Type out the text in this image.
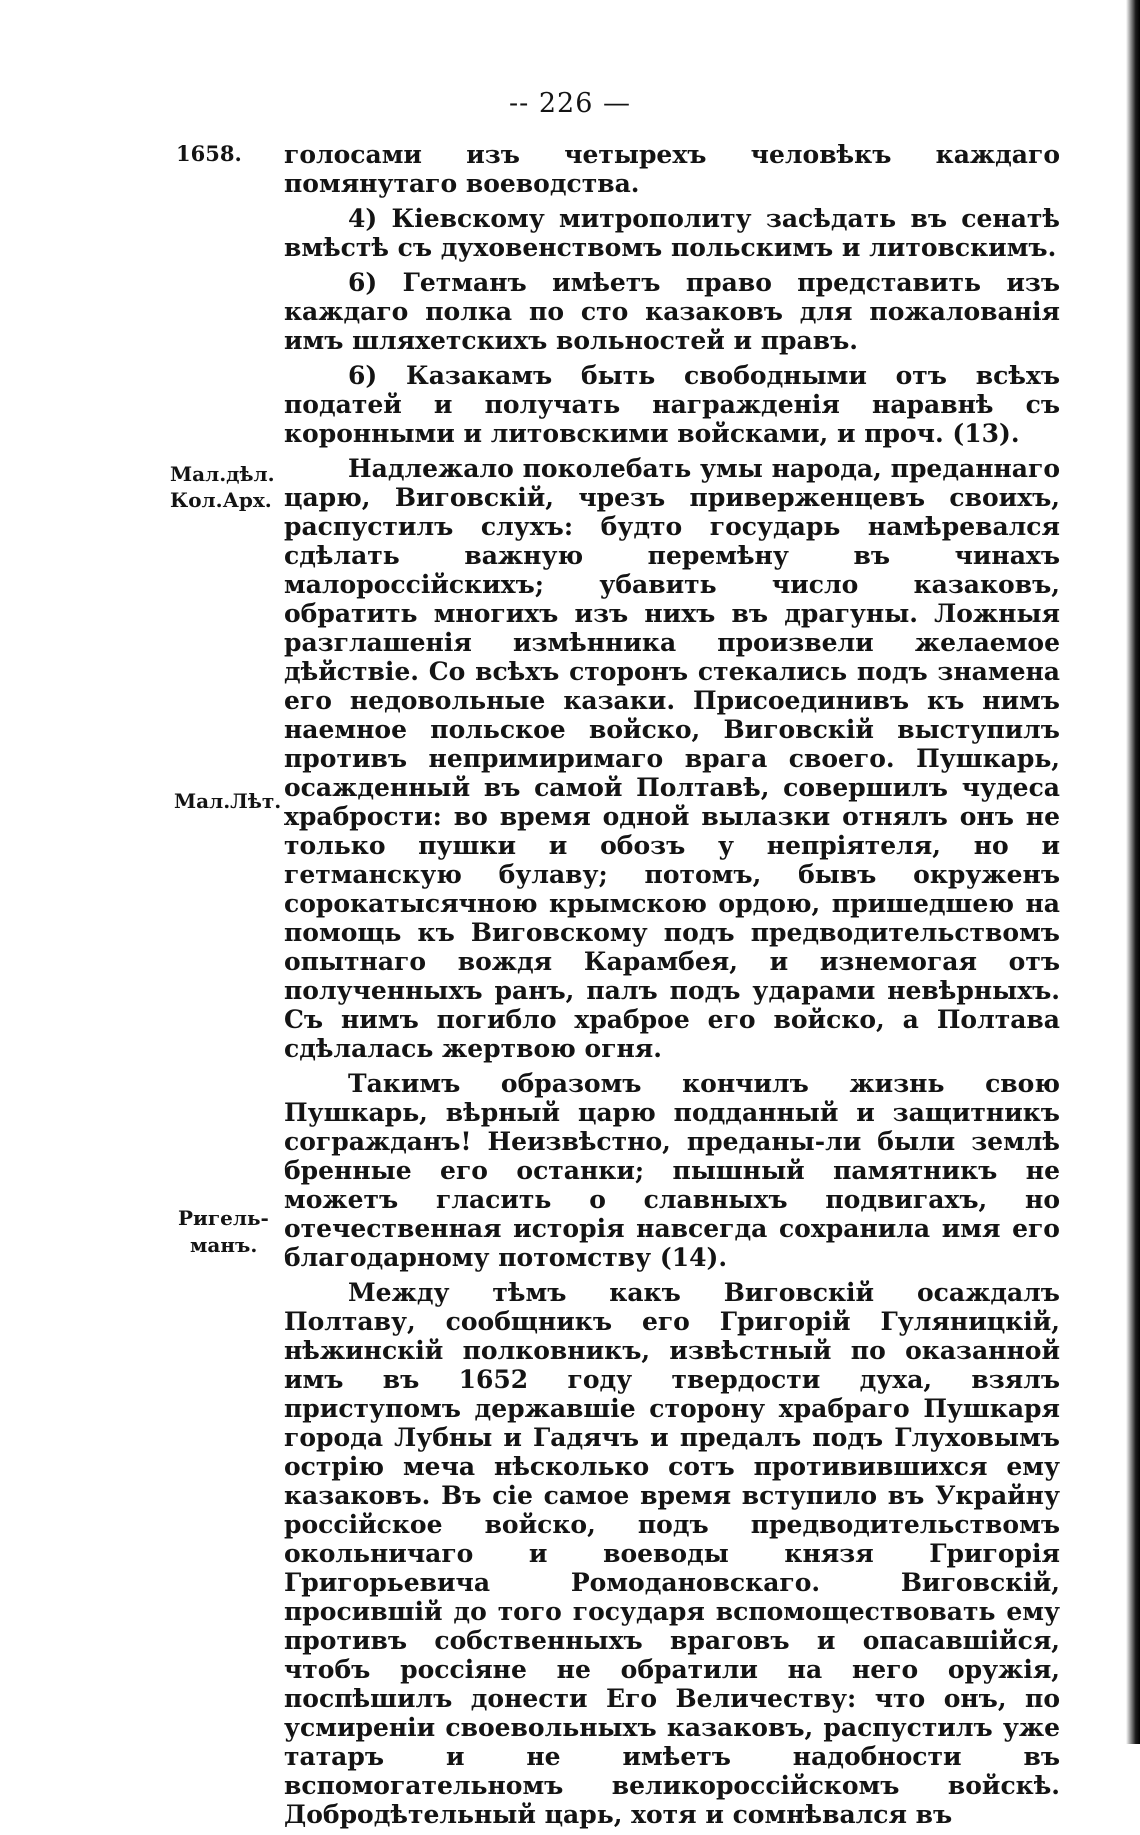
-- 226 —
1658.
Мал.дѣл.
Кол.Арх.
Мал.Лѣт.
Ригель-
манъ.

голосами изъ четырехъ человѣкъ каждаго помянутаго воеводства.

4) Кіевскому митрополиту засѣдать въ сенатѣ вмѣстѣ съ духовенствомъ польскимъ и литовскимъ.

6) Гетманъ имѣетъ право представить изъ каждаго полка по сто казаковъ для пожалованія имъ шляхетскихъ вольностей и правъ.

6) Казакамъ быть свободными отъ всѣхъ податей и получать награжденія наравнѣ съ коронными и литовскими войсками, и проч. (13).

Надлежало поколебать умы народа, преданнаго царю, Виговскій, чрезъ приверженцевъ своихъ, распустилъ слухъ: будто государь намѣревался сдѣлать важную перемѣну въ чинахъ малороссійскихъ; убавить число казаковъ, обратить многихъ изъ нихъ въ драгуны. Ложныя разглашенія измѣнника произвели желаемое дѣйствіе. Со всѣхъ сторонъ стекались подъ знамена его недовольные казаки. Присоединивъ къ нимъ наемное польское войско, Виговскій выступилъ противъ непримиримаго врага своего. Пушкарь, осажденный въ самой Полтавѣ, совершилъ чудеса храбрости: во время одной вылазки отнялъ онъ не только пушки и обозъ у непріятеля, но и гетманскую булаву; потомъ, бывъ окруженъ сорокатысячною крымскою ордою, пришедшею на помощь къ Виговскому подъ предводительствомъ опытнаго вождя Карамбея, и изнемогая отъ полученныхъ ранъ, палъ подъ ударами невѣрныхъ. Съ нимъ погибло храброе его войско, а Полтава сдѣлалась жертвою огня.

Такимъ образомъ кончилъ жизнь свою Пушкарь, вѣрный царю подданный и защитникъ согражданъ! Неизвѣстно, преданы-ли были землѣ бренные его останки; пышный памятникъ не можетъ гласить о славныхъ подвигахъ, но отечественная исторія навсегда сохранила имя его благодарному потомству (14).

Между тѣмъ какъ Виговскій осаждалъ Полтаву, сообщникъ его Григорій Гуляницкій, нѣжинскій полковникъ, извѣстный по оказанной имъ въ 1652 году твердости духа, взялъ приступомъ державшіе сторону храбраго Пушкаря города Лубны и Гадячъ и предалъ подъ Глуховымъ острію меча нѣсколько сотъ противившихся ему казаковъ. Въ сіе самое время вступило въ Украйну россійское войско, подъ предводительствомъ окольничаго и воеводы князя Григорія Григорьевича Ромодановскаго. Виговскій, просившій до того государя вспомоществовать ему противъ собственныхъ враговъ и опасавшійся, чтобъ россіяне не обратили на него оружія, поспѣшилъ донести Его Величеству: что онъ, по усмиреніи своевольныхъ казаковъ, распустилъ уже татаръ и не имѣетъ надобности въ вспомогательномъ великороссійскомъ войскѣ. Добродѣтельный царь, хотя и сомнѣвался въ
